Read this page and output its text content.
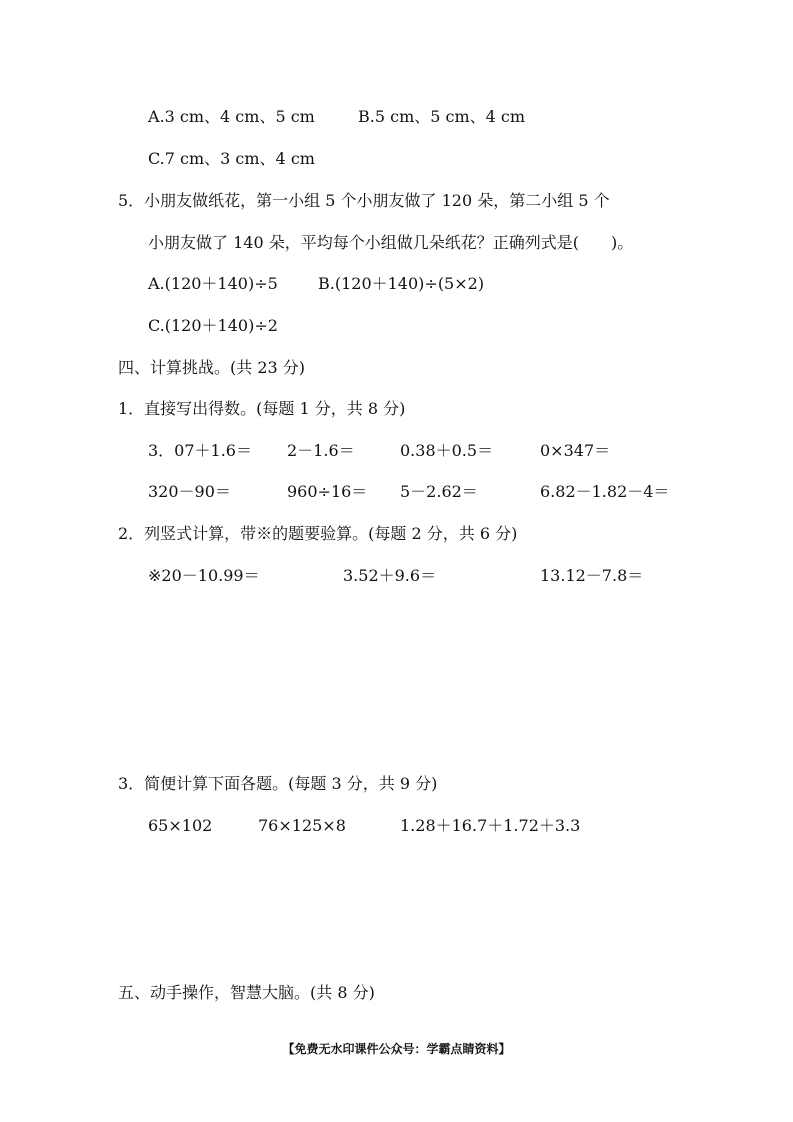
A.3 cm、4 cm、5 cm	B.5 cm、5 cm、4 cm
C.7 cm、3 cm、4 cm
5．小朋友做纸花，第一小组 5 个小朋友做了 120 朵，第二小组 5 个
小朋友做了 140 朵，平均每个小组做几朵纸花？正确列式是(　　)。
A.(120＋140)÷5	B.(120＋140)÷(5×2)
C.(120＋140)÷2
四、计算挑战。(共 23 分)
1．直接写出得数。(每题 1 分，共 8 分)
3．07＋1.6＝ 2－1.6＝	0.38＋0.5＝	0×347＝
320－90＝	960÷16＝ 5－2.62＝	6.82－1.82－4＝
2．列竖式计算，带※的题要验算。(每题 2 分，共 6 分)
※20－10.99＝	3.52＋9.6＝	13.12－7.8＝
3．简便计算下面各题。(每题 3 分，共 9 分)
65×102	76×125×8	1.28＋16.7＋1.72＋3.3
五、动手操作，智慧大脑。(共 8 分)
【免费无水印课件公众号：学霸点睛资料】
